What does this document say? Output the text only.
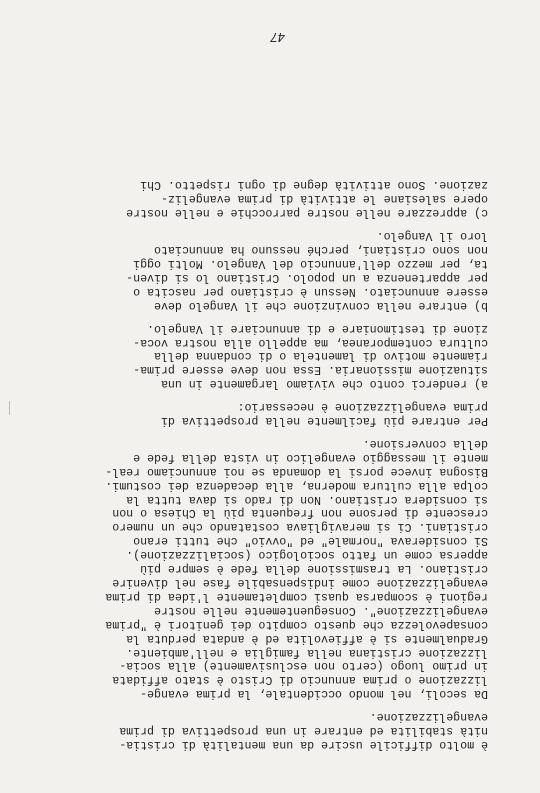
è molto difficile uscire da una mentalità di cristia-
nità stabilita ed entrare in una prospettiva di prima
evangelizzazione.
Da secoli, nel mondo occidentale, la prima evange-
lizzazione o prima annuncio di Cristo è stato affidata
in primo luogo (certo non esclusivamente) alla socia-
lizzazione cristiana nella famiglia e nell'ambiente.
Gradualmente si è affievolita ed è andata perduta la
consapevolezza che questo compito dei genitori è "prima
evangelizzazione". Conseguentemente nelle nostre
regioni è scomparsa quasi completamente l'idea di prima
evangelizzazione come indispensabile fase nel divenire
cristiano. La trasmissione della fede è sempre più
appersa come un fatto sociologico (socializzazione).
Si consideravа "normale" ed "ovvio" che tutti erano
cristiani. Ci si meravigliava costatando che un numero
crescente di persone non frequenta più la Chiesa o non
si considera cristiano. Non di rado si dava tutta la
colpa alla cultura moderna, alla decadenza dei costumi.
Bisogna invece porsi la domanda se noi annunciamo real-
mente il messaggio evangelico in vista della fede e
della conversione.
Per entrare più facilmente nella prospettiva di
prima evangelizzazione è necessario:
a) renderci conto che viviamo largamente in una
situazione missionaria. Essa non deve essere prima-
riamente motivo di lamentela o di condanna della
cultura contemporanea, ma appello alla nostra voca-
zione di testimoniare e di annunciare il Vangelo.
b) entrare nella convinzione che il Vangelo deve
essere annunciato. Nessun è cristiano per nascita o
per appartenenza a un popolo. Cristiano lo si diven-
ta, per mezzo dell'annuncio del Vangelo. Molti oggi
non sono cristiani, perché nessuno ha annunciato
loro il Vangelo.
c) apprezzare nelle nostre parrocchie e nelle nostre
opere salesiane le attività di prima evangeliz-
zazione. Sono attività degne di ogni rispetto. Chi
47
